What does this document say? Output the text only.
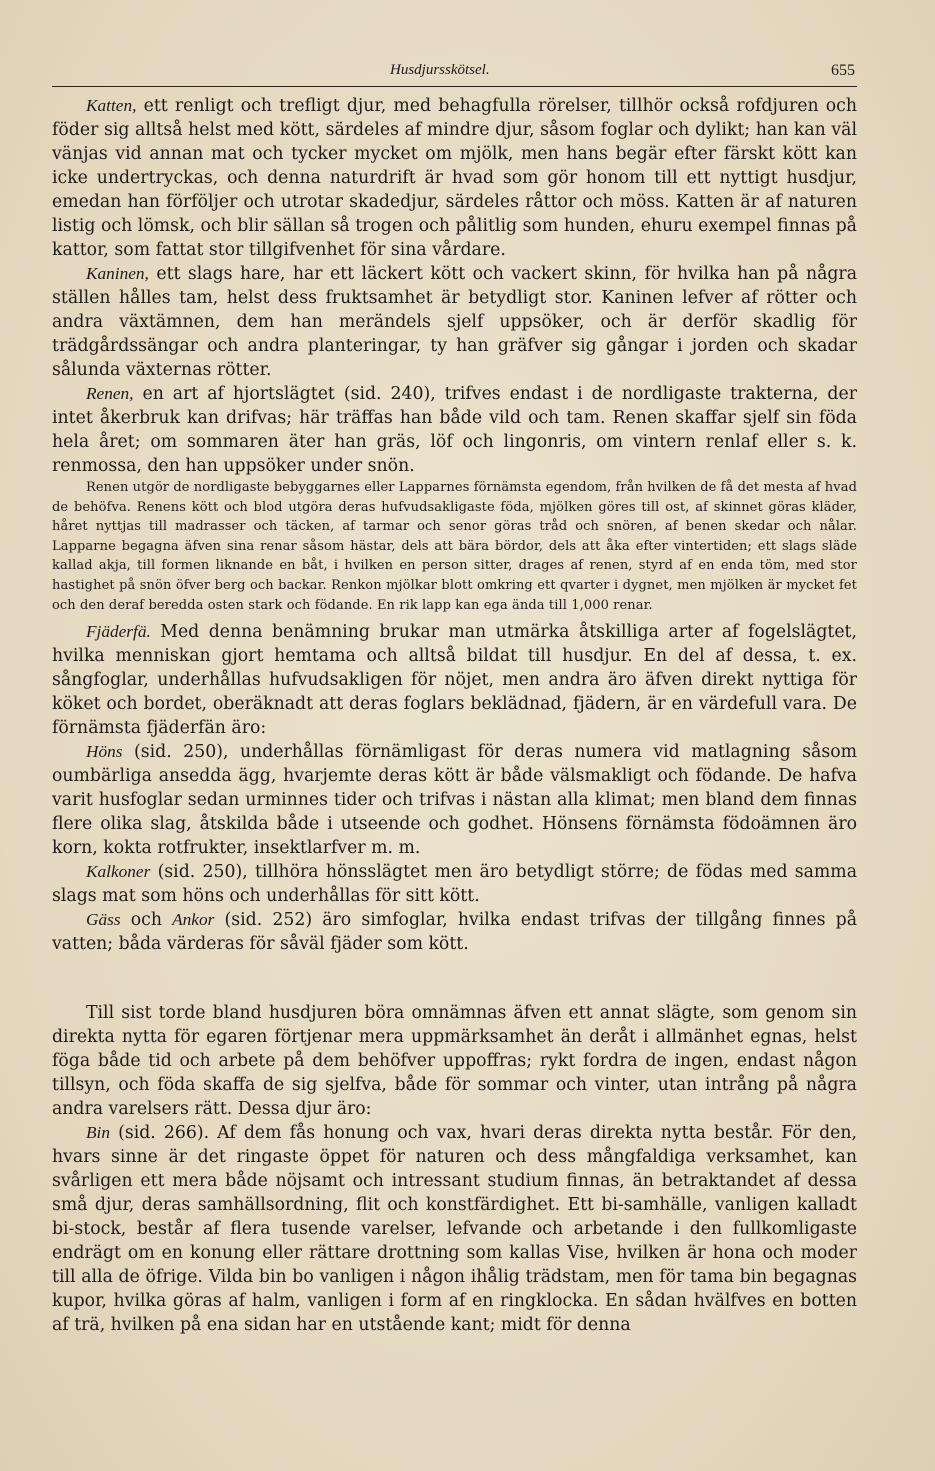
Husdjursskötsel.	655

Katten, ett renligt och trefligt djur, med behagfulla rörelser, tillhör också rofdjuren och föder sig alltså helst med kött, särdeles af mindre djur, såsom foglar och dylikt; han kan väl vänjas vid annan mat och tycker mycket om mjölk, men hans begär efter färskt kött kan icke undertryckas, och denna naturdrift är hvad som gör honom till ett nyttigt husdjur, emedan han förföljer och utrotar skadedjur, särdeles råttor och möss. Katten är af naturen listig och lömsk, och blir sällan så trogen och pålitlig som hunden, ehuru exempel finnas på kattor, som fattat stor tillgifvenhet för sina vårdare.

Kaninen, ett slags hare, har ett läckert kött och vackert skinn, för hvilka han på några ställen hålles tam, helst dess fruktsamhet är betydligt stor. Kaninen lefver af rötter och andra växtämnen, dem han merändels sjelf uppsöker, och är derför skadlig för trädgårdssängar och andra planteringar, ty han gräfver sig gångar i jorden och skadar sålunda växternas rötter.

Renen, en art af hjortslägtet (sid. 240), trifves endast i de nordligaste trakterna, der intet åkerbruk kan drifvas; här träffas han både vild och tam. Renen skaffar sjelf sin föda hela året; om sommaren äter han gräs, löf och lingonris, om vintern renlaf eller s. k. renmossa, den han uppsöker under snön.

Renen utgör de nordligaste bebyggarnes eller Lapparnes förnämsta egendom, från hvilken de få det mesta af hvad de behöfva. Renens kött och blod utgöra deras hufvudsakligaste föda, mjölken göres till ost, af skinnet göras kläder, håret nyttjas till madrasser och täcken, af tarmar och senor göras tråd och snören, af benen skedar och nålar. Lapparne begagna äfven sina renar såsom hästar, dels att bära bördor, dels att åka efter vintertiden; ett slags släde kallad akja, till formen liknande en båt, i hvilken en person sitter, drages af renen, styrd af en enda töm, med stor hastighet på snön öfver berg och backar. Renkon mjölkar blott omkring ett qvarter i dygnet, men mjölken är mycket fet och den deraf beredda osten stark och födande. En rik lapp kan ega ända till 1,000 renar.

Fjäderfä. Med denna benämning brukar man utmärka åtskilliga arter af fogelslägtet, hvilka menniskan gjort hemtama och alltså bildat till husdjur. En del af dessa, t. ex. sångfoglar, underhållas hufvudsakligen för nöjet, men andra äro äfven direkt nyttiga för köket och bordet, oberäknadt att deras foglars beklädnad, fjädern, är en värdefull vara. De förnämsta fjäderfän äro:

Höns (sid. 250), underhållas förnämligast för deras numera vid matlagning såsom oumbärliga ansedda ägg, hvarjemte deras kött är både välsmakligt och födande. De hafva varit husfoglar sedan urminnes tider och trifvas i nästan alla klimat; men bland dem finnas flere olika slag, åtskilda både i utseende och godhet. Hönsens förnämsta födoämnen äro korn, kokta rotfrukter, insektlarfver m. m.

Kalkoner (sid. 250), tillhöra hönsslägtet men äro betydligt större; de födas med samma slags mat som höns och underhållas för sitt kött.

Gäss och Ankor (sid. 252) äro simfoglar, hvilka endast trifvas der tillgång finnes på vatten; båda värderas för såväl fjäder som kött.

Till sist torde bland husdjuren böra omnämnas äfven ett annat slägte, som genom sin direkta nytta för egaren förtjenar mera uppmärksamhet än deråt i allmänhet egnas, helst föga både tid och arbete på dem behöfver uppoffras; rykt fordra de ingen, endast någon tillsyn, och föda skaffa de sig sjelfva, både för sommar och vinter, utan intrång på några andra varelsers rätt. Dessa djur äro:

Bin (sid. 266). Af dem fås honung och vax, hvari deras direkta nytta består. För den, hvars sinne är det ringaste öppet för naturen och dess mångfaldiga verksamhet, kan svårligen ett mera både nöjsamt och intressant studium finnas, än betraktandet af dessa små djur, deras samhällsordning, flit och konstfärdighet. Ett bi-samhälle, vanligen kalladt bi-stock, består af flera tusende varelser, lefvande och arbetande i den fullkomligaste endrägt om en konung eller rättare drottning som kallas Vise, hvilken är hona och moder till alla de öfrige. Vilda bin bo vanligen i någon ihålig trädstam, men för tama bin begagnas kupor, hvilka göras af halm, vanligen i form af en ringklocka. En sådan hvälfves en botten af trä, hvilken på ena sidan har en utstående kant; midt för denna
